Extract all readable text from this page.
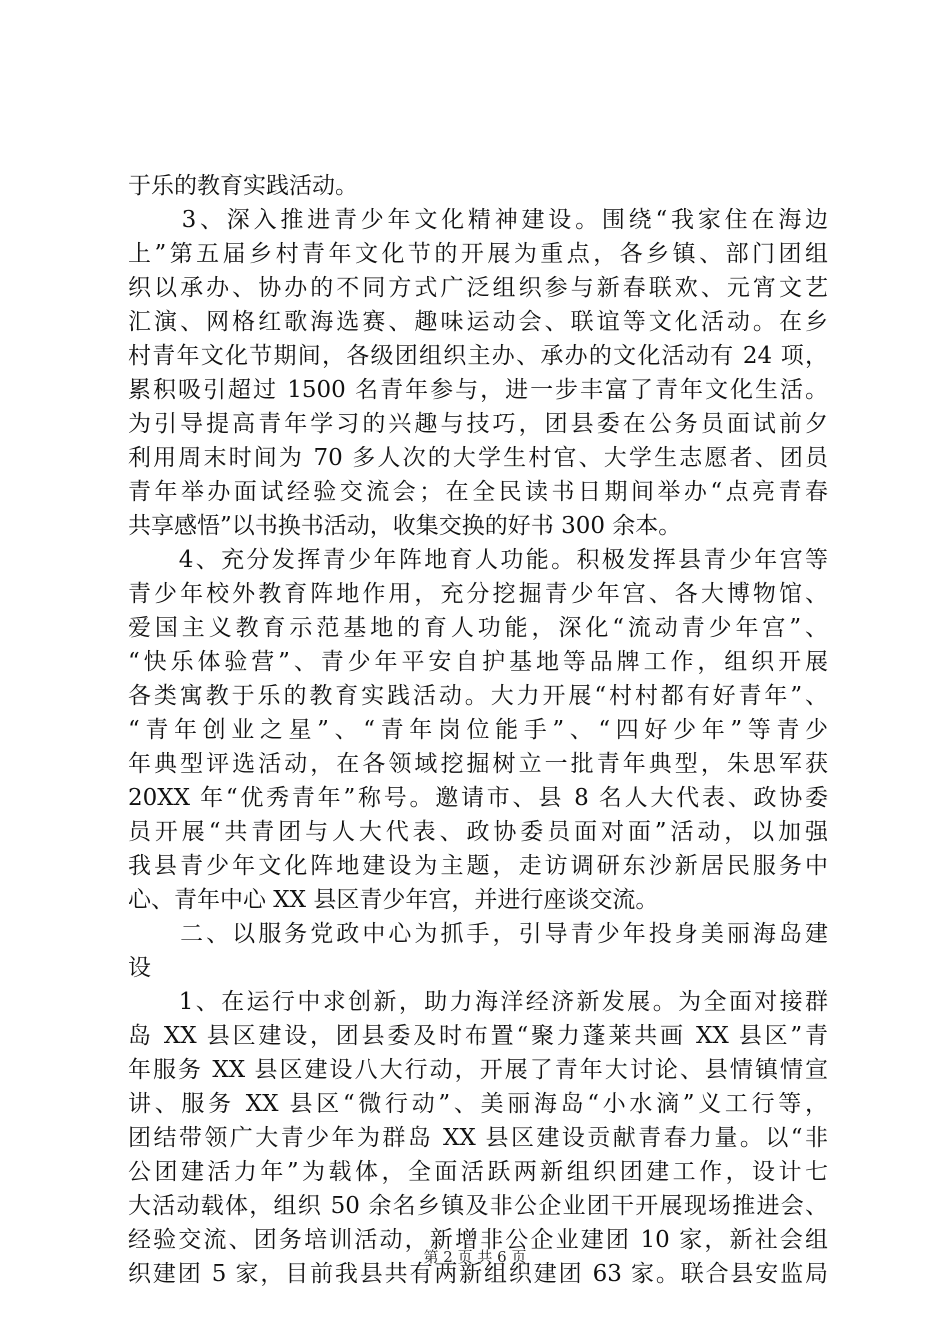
于乐的教育实践活动。
　　3、深入推进青少年文化精神建设。围绕“我家住在海边
上”第五届乡村青年文化节的开展为重点，各乡镇、部门团组
织以承办、协办的不同方式广泛组织参与新春联欢、元宵文艺
汇演、网格红歌海选赛、趣味运动会、联谊等文化活动。在乡
村青年文化节期间，各级团组织主办、承办的文化活动有 24 项，
累积吸引超过 1500 名青年参与，进一步丰富了青年文化生活。
为引导提高青年学习的兴趣与技巧，团县委在公务员面试前夕
利用周末时间为 70 多人次的大学生村官、大学生志愿者、团员
青年举办面试经验交流会；在全民读书日期间举办“点亮青春
共享感悟”以书换书活动，收集交换的好书 300 余本。
　　4、充分发挥青少年阵地育人功能。积极发挥县青少年宫等
青少年校外教育阵地作用，充分挖掘青少年宫、各大博物馆、
爱国主义教育示范基地的育人功能，深化“流动青少年宫”、
“快乐体验营”、青少年平安自护基地等品牌工作，组织开展
各类寓教于乐的教育实践活动。大力开展“村村都有好青年”、
“青年创业之星”、“青年岗位能手”、“四好少年”等青少
年典型评选活动，在各领域挖掘树立一批青年典型，朱思军获
20XX 年“优秀青年”称号。邀请市、县 8 名人大代表、政协委
员开展“共青团与人大代表、政协委员面对面”活动，以加强
我县青少年文化阵地建设为主题，走访调研东沙新居民服务中
心、青年中心 XX 县区青少年宫，并进行座谈交流。
　　二、以服务党政中心为抓手，引导青少年投身美丽海岛建
设
　　1、在运行中求创新，助力海洋经济新发展。为全面对接群
岛 XX 县区建设，团县委及时布置“聚力蓬莱共画 XX 县区”青
年服务 XX 县区建设八大行动，开展了青年大讨论、县情镇情宣
讲、服务 XX 县区“微行动”、美丽海岛“小水滴”义工行等，
团结带领广大青少年为群岛 XX 县区建设贡献青春力量。以“非
公团建活力年”为载体，全面活跃两新组织团建工作，设计七
大活动载体，组织 50 余名乡镇及非公企业团干开展现场推进会、
经验交流、团务培训活动，新增非公企业建团 10 家，新社会组
织建团 5 家，目前我县共有两新组织建团 63 家。联合县安监局
第 2 页 共 6 页
